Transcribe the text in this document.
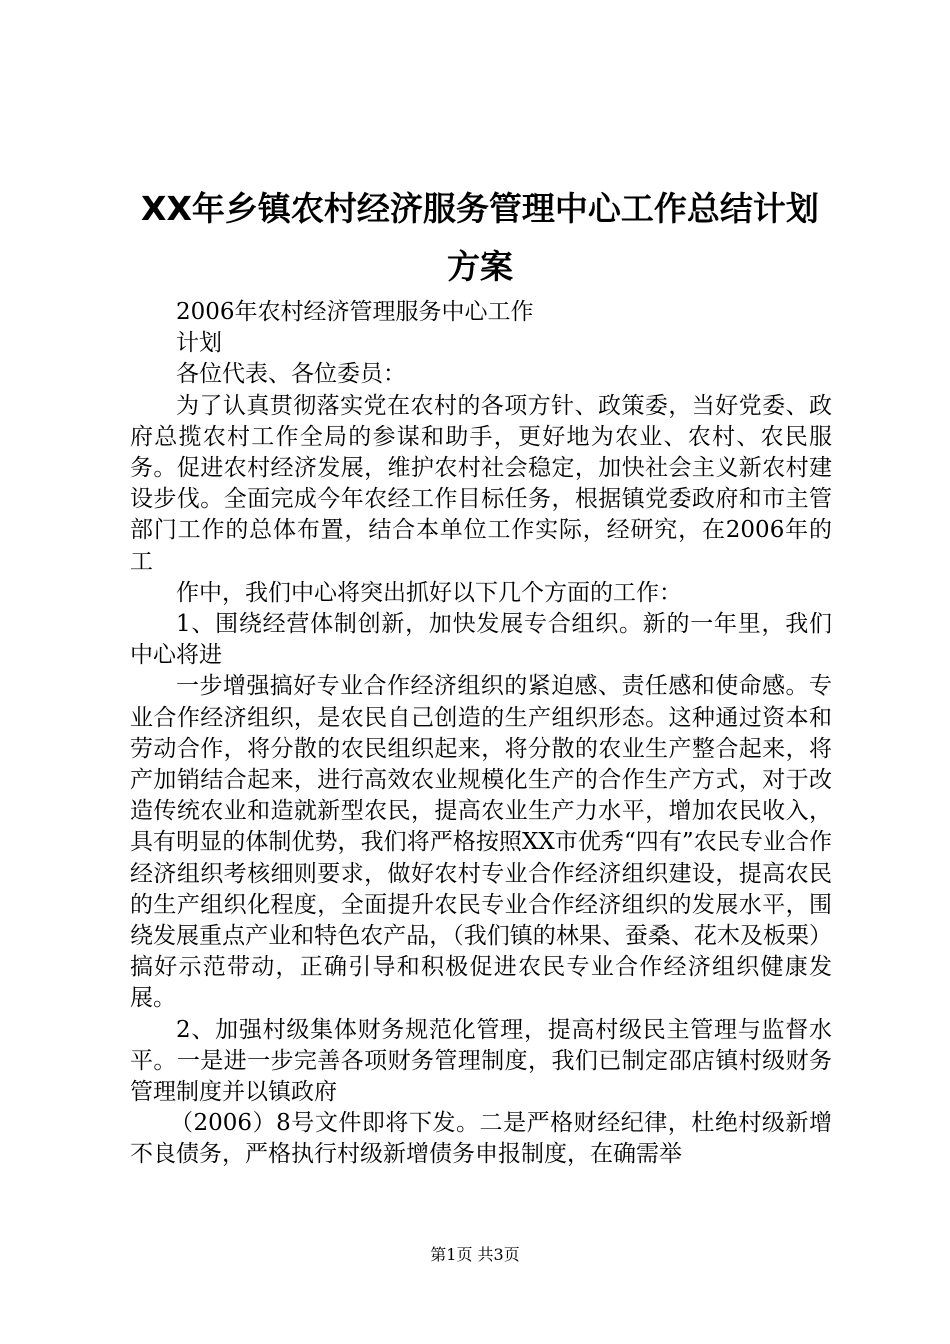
XX年乡镇农村经济服务管理中心工作总结计划方案

2006年农村经济管理服务中心工作

计划

各位代表、各位委员：

为了认真贯彻落实党在农村的各项方针、政策委，当好党委、政府总揽农村工作全局的参谋和助手，更好地为农业、农村、农民服务。促进农村经济发展，维护农村社会稳定，加快社会主义新农村建设步伐。全面完成今年农经工作目标任务，根据镇党委政府和市主管部门工作的总体布置，结合本单位工作实际，经研究，在2006年的工

作中，我们中心将突出抓好以下几个方面的工作：

1、围绕经营体制创新，加快发展专合组织。新的一年里，我们中心将进

一步增强搞好专业合作经济组织的紧迫感、责任感和使命感。专业合作经济组织，是农民自己创造的生产组织形态。这种通过资本和劳动合作，将分散的农民组织起来，将分散的农业生产整合起来，将产加销结合起来，进行高效农业规模化生产的合作生产方式，对于改造传统农业和造就新型农民，提高农业生产力水平，增加农民收入，具有明显的体制优势，我们将严格按照XX市优秀“四有”农民专业合作经济组织考核细则要求，做好农村专业合作经济组织建设，提高农民的生产组织化程度，全面提升农民专业合作经济组织的发展水平，围绕发展重点产业和特色农产品，（我们镇的林果、蚕桑、花木及板栗）搞好示范带动，正确引导和积极促进农民专业合作经济组织健康发展。

2、加强村级集体财务规范化管理，提高村级民主管理与监督水平。一是进一步完善各项财务管理制度，我们已制定邵店镇村级财务管理制度并以镇政府

（2006）8号文件即将下发。二是严格财经纪律，杜绝村级新增不良债务，严格执行村级新增债务申报制度，在确需举

第1页 共3页
